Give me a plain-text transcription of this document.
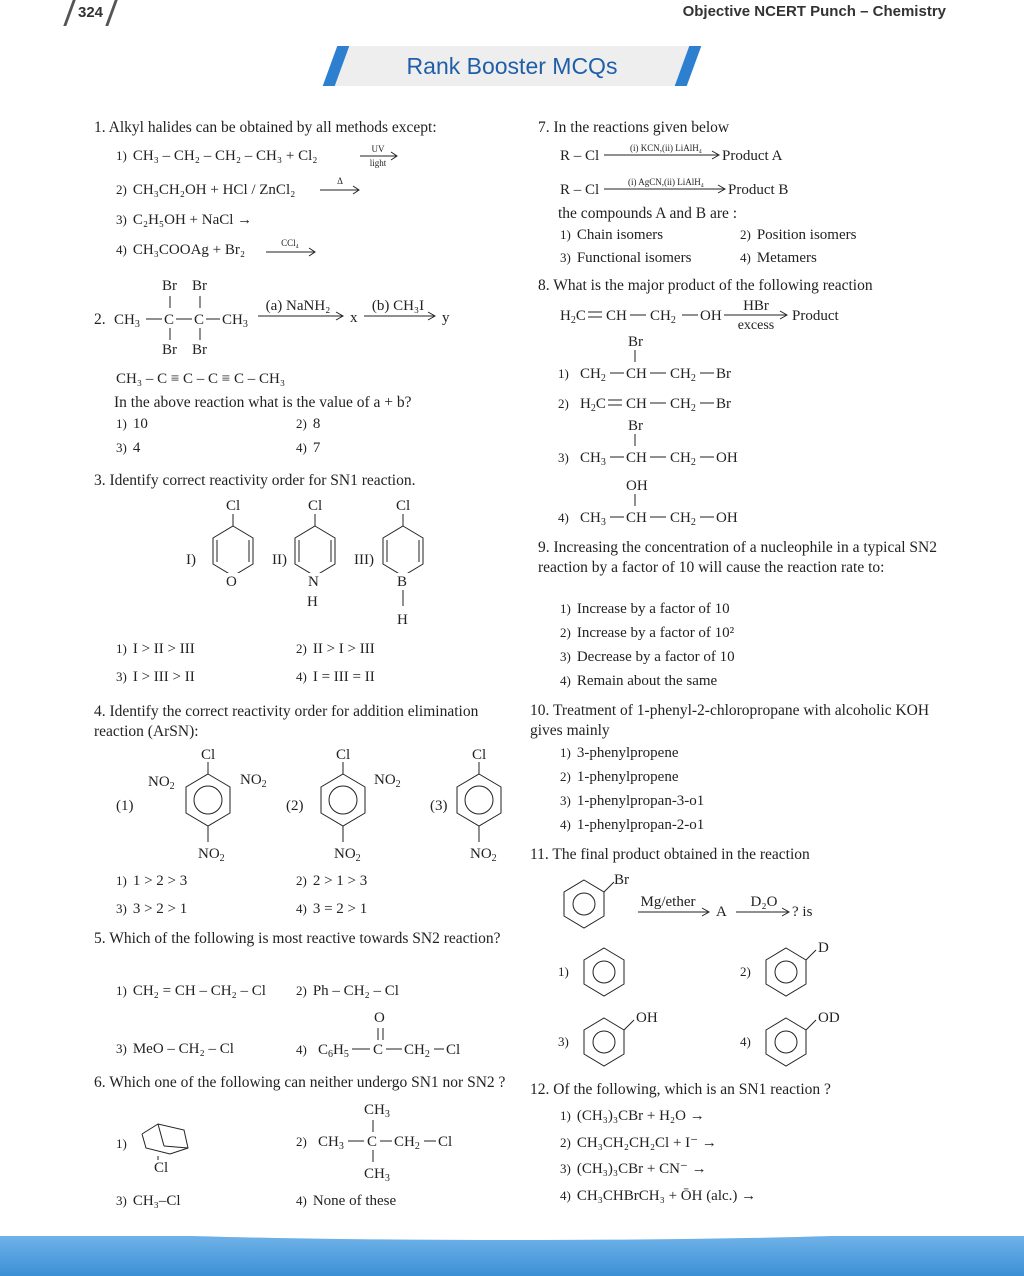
324	Objective NCERT Punch – Chemistry
Rank Booster MCQs
1. Alkyl halides can be obtained by all methods except:
1) CH₃ – CH₂ – CH₂ – CH₃ + Cl₂	UV
light
2) CH₃CH₂OH + HCl / ZnCl₂
Δ
3) C₂H₅OH + NaCl →
4) CH₃COOAg + Br₂	CCl₄
2.
Br Br
$CH_3$ C C $CH_3$
Br Br
(a) NaNH₂
x
(b) CH₃I
y
CH₃ – C ≡ C – C ≡ C – CH₃
In the above reaction what is the value of a + b?
1) 10	2) 8
3) 4	4) 7
3. Identify correct reactivity order for SN1 reaction.
I)
Cl
O
II)
Cl
N
H
III)
Cl
B
H
1) I > II > III	2) II > I > III
3) I > III > II	4) I = III = II
4. Identify the correct reactivity order for addition elimination reaction (ArSN):
(1)
Cl
$NO_2$	$NO_2$
$NO_2$
(2)
Cl
$NO_2$
$NO_2$
(3)
Cl
$NO_2$
1) 1 > 2 > 3	2) 2 > 1 > 3
3) 3 > 2 > 1	4) 3 = 2 > 1
5. Which of the following is most reactive towards SN2 reaction?
1) CH₂ = CH – CH₂ – Cl 2) Ph – CH₂ – Cl
3) MeO – CH₂ – Cl	4)
O
$C_6H_5$ C $CH_2$ Cl
6. Which one of the following can neither undergo SN1 nor SN2 ?
1)
Cl
2)
$CH_3$
$CH_3$ C $CH_2$ Cl
$CH_3$
3) CH₃–Cl	4) None of these
7. In the reactions given below
R – Cl	(i) KCN,(ii) LiAlH₄ Product A
R – Cl	(i) AgCN,(ii) LiAlH₄ Product B
the compounds A and B are :
1) Chain isomers	2) Position isomers
3) Functional isomers	4) Metamers
8. What is the major product of the following reaction
$H_2C$ CH $CH_2$ OH
HBr
excess
Product
1)
Br
$CH_2$ CH $CH_2$ Br
2) $H_2C$ CH $CH_2$ Br
3)
Br
$CH_3$ CH $CH_2$ OH
4)
OH
$CH_3$ CH $CH_2$ OH
9. Increasing the concentration of a nucleophile in a typical SN2 reaction by a factor of 10 will cause the reaction rate to:
1) Increase by a factor of 10
2) Increase by a factor of 10²
3) Decrease by a factor of 10
4) Remain about the same
10. Treatment of 1-phenyl-2-chloropropane with alcoholic KOH gives mainly
1) 3-phenylpropene
2) 1-phenylpropene
3) 1-phenylpropan-3-o1
4) 1-phenylpropan-2-o1
11. The final product obtained in the reaction
Br
Mg/ether
A
D₂O
? is
1)	2)
D
3)
OH
4)
OD
12. Of the following, which is an SN1 reaction ?
1) (CH₃)₃CBr + H₂O →
2) CH₃CH₂CH₂Cl + I⁻ →
3) (CH₃)₃CBr + CN⁻ →
4) CH₃CHBrCH₃ + ŌH (alc.) →
